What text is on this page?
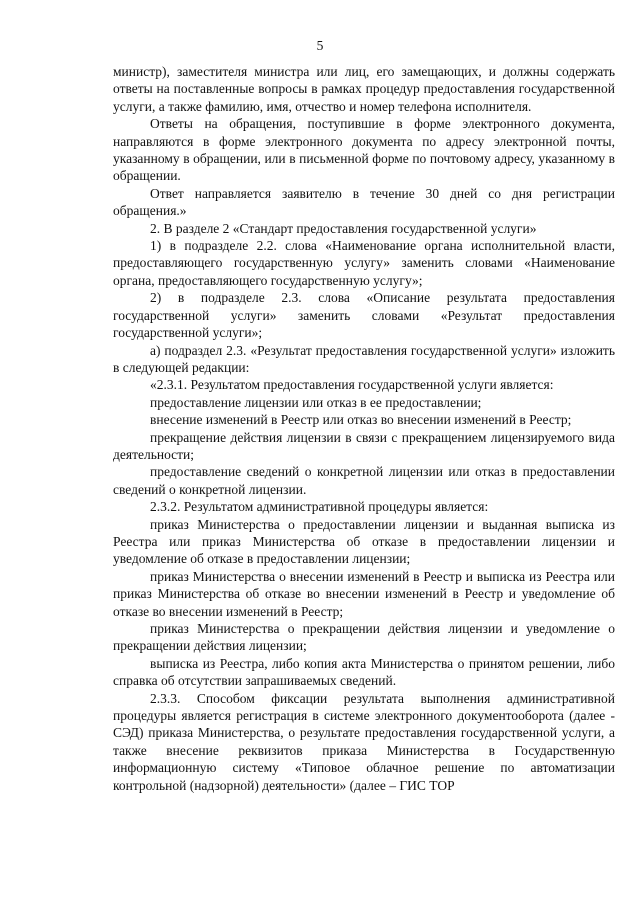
5

министр), заместителя министра или лиц, его замещающих, и должны содержать ответы на поставленные вопросы в рамках процедур предоставления государственной услуги, а также фамилию, имя, отчество и номер телефона исполнителя.

Ответы на обращения, поступившие в форме электронного документа, направляются в форме электронного документа по адресу электронной почты, указанному в обращении, или в письменной форме по почтовому адресу, указанному в обращении.

Ответ направляется заявителю в течение 30 дней со дня регистрации обращения.»

2. В разделе 2 «Стандарт предоставления государственной услуги»

1) в подразделе 2.2. слова «Наименование органа исполнительной власти, предоставляющего государственную услугу» заменить словами «Наименование органа, предоставляющего государственную услугу»;

2) в подразделе 2.3. слова «Описание результата предоставления государственной услуги» заменить словами «Результат предоставления государственной услуги»;

а) подраздел 2.3. «Результат предоставления государственной услуги» изложить в следующей редакции:

«2.3.1. Результатом предоставления государственной услуги является:

предоставление лицензии или отказ в ее предоставлении;

внесение изменений в Реестр или отказ во внесении изменений в Реестр;

прекращение действия лицензии в связи с прекращением лицензируемого вида деятельности;

предоставление сведений о конкретной лицензии или отказ в предоставлении сведений о конкретной лицензии.

2.3.2. Результатом административной процедуры является:

приказ Министерства о предоставлении лицензии и выданная выписка из Реестра или приказ Министерства об отказе в предоставлении лицензии и уведомление об отказе в предоставлении лицензии;

приказ Министерства о внесении изменений в Реестр и выписка из Реестра или приказ Министерства об отказе во внесении изменений в Реестр и уведомление об отказе во внесении изменений в Реестр;

приказ Министерства о прекращении действия лицензии и уведомление о прекращении действия лицензии;

выписка из Реестра, либо копия акта Министерства о принятом решении, либо справка об отсутствии запрашиваемых сведений.

2.3.3. Способом фиксации результата выполнения административной процедуры является регистрация в системе электронного документооборота (далее - СЭД) приказа Министерства, о результате предоставления государственной услуги, а также внесение реквизитов приказа Министерства в Государственную информационную систему «Типовое облачное решение по автоматизации контрольной (надзорной) деятельности» (далее – ГИС ТОР
